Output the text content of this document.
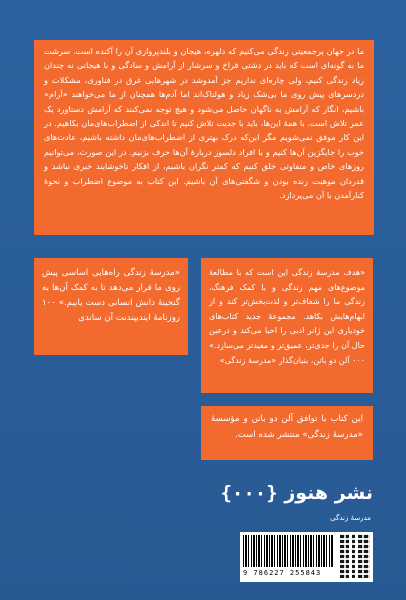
ما در جهان پرجمعیتی زندگی می‌کنیم که دلهره، هیجان و بلندپروازی آن را آکنده است. سرشت ما به گونه‌ای است که باید در دشتی فراخ و سرشار از آرامش و سادگی و با هیجانی نه چندان زیاد زندگی کنیم، ولی چاره‌ای نداریم جز آمدوشد در شهرهایی غرق در فناوری، مشکلات و دردسرهای پیش روی ما بی‌شک زیاد و هولناک‌اند اما آدم‌ها همچنان از ما می‌خواهند «آرام» باشیم، انگار که آرامش به ناگهان حاصل می‌شود و هیچ توجه نمی‌کنند که آرامش دستاورد یک عمر تلاش است. با همهٔ این‌ها، باید با جدیت تلاش کنیم تا اندکی از اضطراب‌های‌مان بکاهیم. در این کار موفق نمی‌شویم مگر این‌که درک بهتری از اضطراب‌های‌مان داشته باشیم، عادت‌های خوب را جایگزین آن‌ها کنیم و با افراد دلسوز دربارهٔ آن‌ها حرف بزنیم. در این صورت، می‌توانیم روزهای خاص و متفاوتی خلق کنیم که کمتر نگران باشیم، از افکار ناخوشایند خبری نباشد و قدردان موهبت زنده بودن و شگفتی‌های آن باشیم. این کتاب به موضوع اضطراب و نحوهٔ کنارآمدن با آن می‌پردازد.

«مدرسهٔ زندگی راه‌هایی اساسی پیش روی ما قرار می‌دهد تا به کمک آن‌ها به گنجینهٔ دانش انسانی دست یابیم.» ۱۰۰ روزنامهٔ ایندیپندنت آن ساندی

«هدف مدرسهٔ زندگی این است که با مطالعهٔ موضوع‌های مهم زندگی و با کمک فرهنگ، زندگی ما را شفاف‌تر و لذت‌بخش‌تر کند و از ابهام‌هایش بکاهد. مجموعهٔ جدید کتاب‌های خودیاری این ژانر ادبی را احیا می‌کند و درعین حال آن را جدی‌تر، عمیق‌تر و مفیدتر می‌سازد.» ۰۰۰ آلن دو باتن، بنیان‌گذار «مدرسهٔ زندگی»

این کتاب با توافق آلن دو باتن و مؤسسهٔ «مدرسهٔ زندگی» منتشر شده است.

نشر هنوز {۰۰۰}
مدرسهٔ زندگی
9 786227 255843
